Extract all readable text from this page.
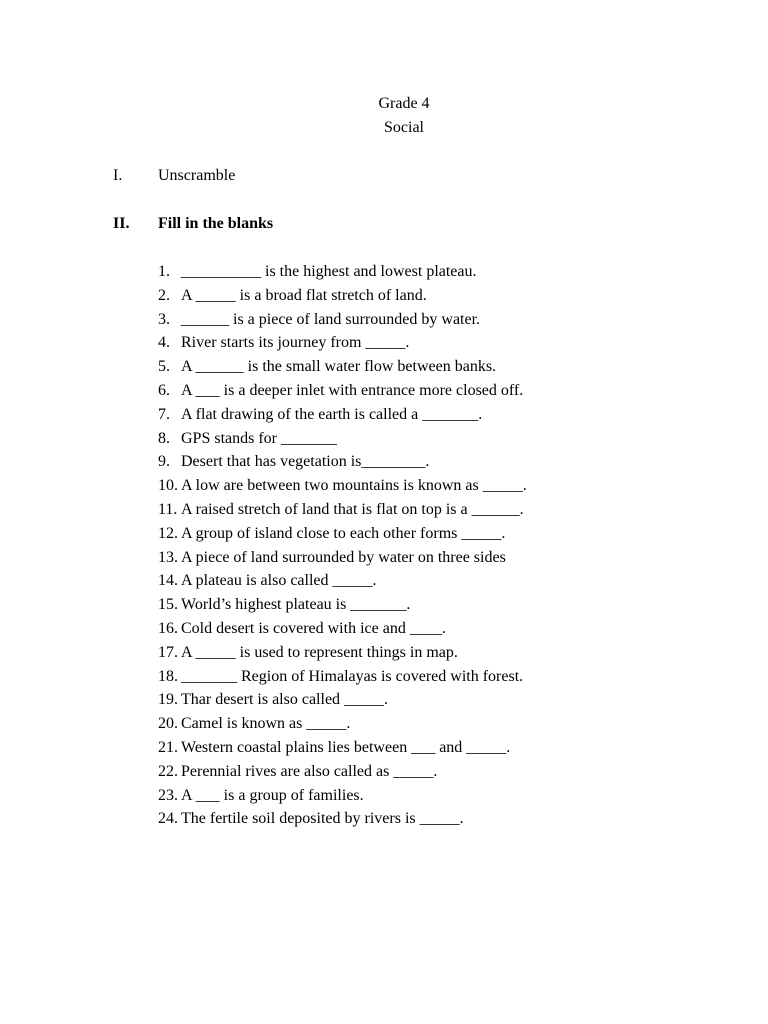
Grade 4
Social
I. Unscramble
II. Fill in the blanks
1. __________ is the highest and lowest plateau.
2. A _____ is a broad flat stretch of land.
3. ______ is a piece of land surrounded by water.
4. River starts its journey from _____.
5. A ______ is the small water flow between banks.
6. A ___ is a deeper inlet with entrance more closed off.
7. A flat drawing of the earth is called a _______.
8. GPS stands for _______
9. Desert that has vegetation is________.
10. A low are between two mountains is known as _____.
11. A raised stretch of land that is flat on top is a ______.
12. A group of island close to each other forms _____.
13. A piece of land surrounded by water on three sides
14. A plateau is also called _____.
15. World’s highest plateau is _______.
16. Cold desert is covered with ice and ____.
17. A _____ is used to represent things in map.
18. _______ Region of Himalayas is covered with forest.
19. Thar desert is also called _____.
20. Camel is known as _____.
21. Western coastal plains lies between ___ and _____.
22. Perennial rives are also called as _____.
23. A ___ is a group of families.
24. The fertile soil deposited by rivers is _____.
